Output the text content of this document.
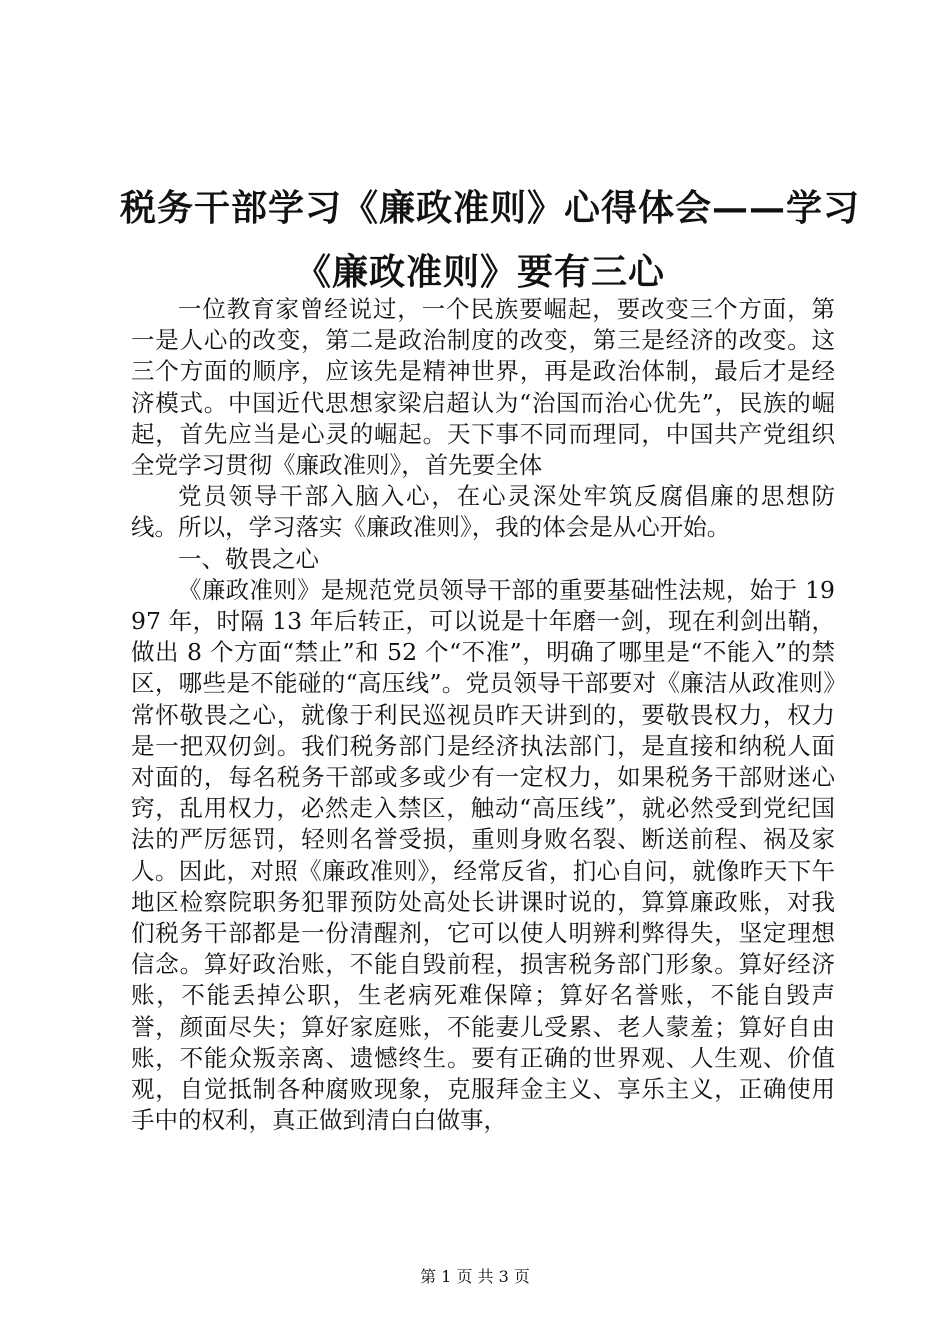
税务干部学习《廉政准则》心得体会——学习
《廉政准则》要有三心

一位教育家曾经说过，一个民族要崛起，要改变三个方面，第一是人心的改变，第二是政治制度的改变，第三是经济的改变。这三个方面的顺序，应该先是精神世界，再是政治体制，最后才是经济模式。中国近代思想家梁启超认为“治国而治心优先”，民族的崛起，首先应当是心灵的崛起。天下事不同而理同，中国共产党组织全党学习贯彻《廉政准则》，首先要全体

党员领导干部入脑入心，在心灵深处牢筑反腐倡廉的思想防线。所以，学习落实《廉政准则》，我的体会是从心开始。

一、敬畏之心

《廉政准则》是规范党员领导干部的重要基础性法规，始于 1997 年，时隔 13 年后转正，可以说是十年磨一剑，现在利剑出鞘，做出 8 个方面“禁止”和 52 个“不准”，明确了哪里是“不能入”的禁区，哪些是不能碰的“高压线”。党员领导干部要对《廉洁从政准则》常怀敬畏之心，就像于利民巡视员昨天讲到的，要敬畏权力，权力是一把双仞剑。我们税务部门是经济执法部门，是直接和纳税人面对面的，每名税务干部或多或少有一定权力，如果税务干部财迷心窍，乱用权力，必然走入禁区，触动“高压线”，就必然受到党纪国法的严厉惩罚，轻则名誉受损，重则身败名裂、断送前程、祸及家人。因此，对照《廉政准则》，经常反省，扪心自问，就像昨天下午地区检察院职务犯罪预防处高处长讲课时说的，算算廉政账，对我们税务干部都是一份清醒剂，它可以使人明辨利弊得失，坚定理想信念。算好政治账，不能自毁前程，损害税务部门形象。算好经济账，不能丢掉公职，生老病死难保障；算好名誉账，不能自毁声誉，颜面尽失；算好家庭账，不能妻儿受累、老人蒙羞；算好自由账，不能众叛亲离、遗憾终生。要有正确的世界观、人生观、价值观，自觉抵制各种腐败现象，克服拜金主义、享乐主义，正确使用手中的权利，真正做到清白白做事，

第 1 页 共 3 页
